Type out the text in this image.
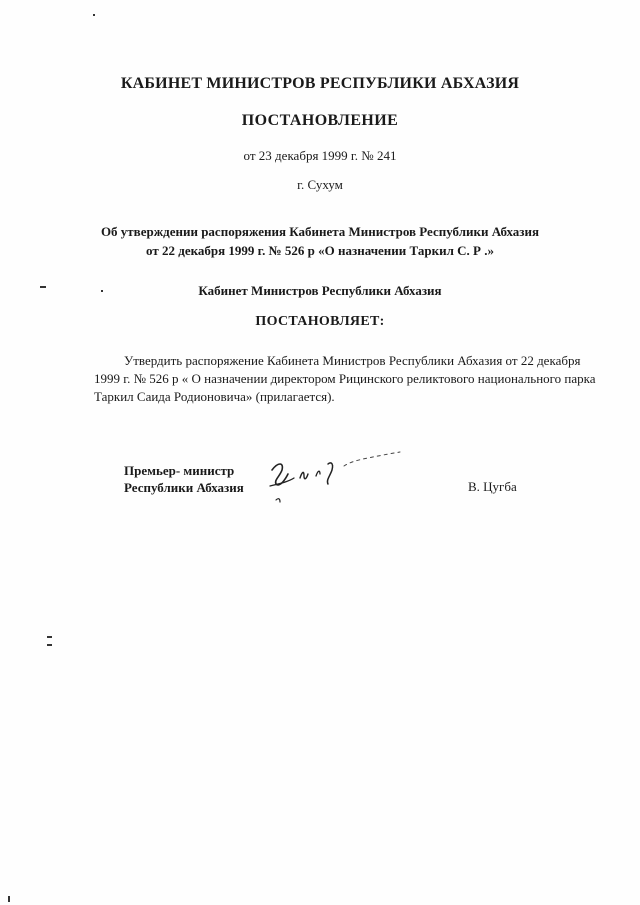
КАБИНЕТ МИНИСТРОВ РЕСПУБЛИКИ АБХАЗИЯ
ПОСТАНОВЛЕНИЕ
от 23 декабря 1999 г. № 241
г. Сухум
Об утверждении распоряжения Кабинета Министров Республики Абхазия
от 22 декабря 1999 г. № 526 р «О назначении Таркил С. Р .»
Кабинет Министров Республики Абхазия
ПОСТАНОВЛЯЕТ:
Утвердить распоряжение Кабинета Министров Республики Абхазия от 22 декабря
1999 г. № 526 р « О назначении директором Рицинского реликтового национального парка
Таркил Саида Родионовича» (прилагается).
Премьер- министр
Республики Абхазия	В. Цугба
